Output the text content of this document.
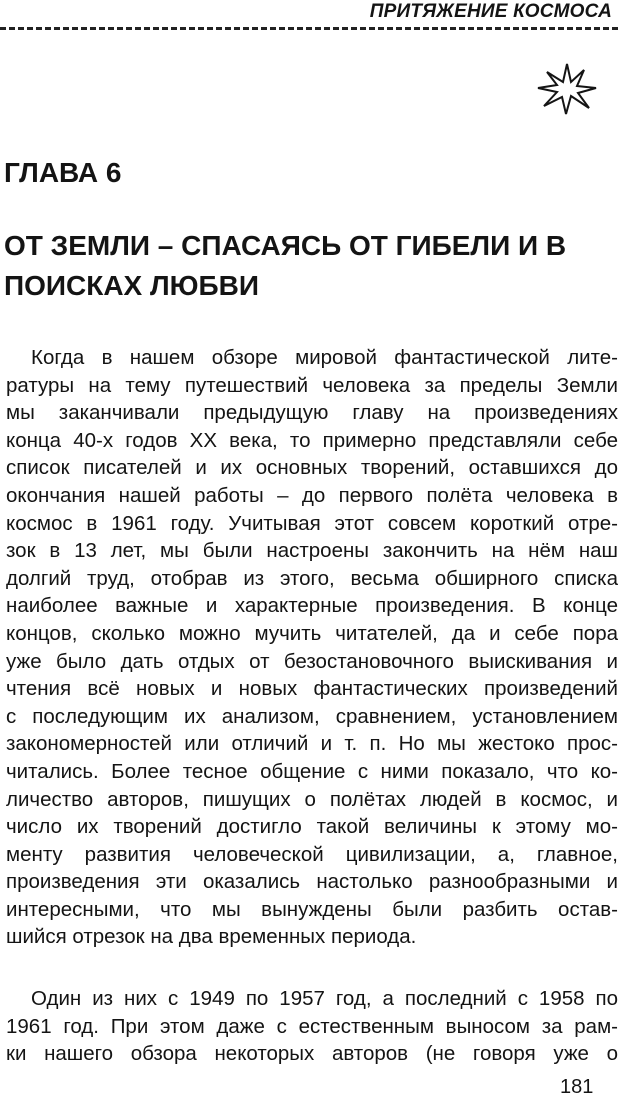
ПРИТЯЖЕНИЕ КОСМОСА
ГЛАВА 6
ОТ ЗЕМЛИ – СПАСАЯСЬ ОТ ГИБЕЛИ И В ПОИСКАХ ЛЮБВИ
Когда в нашем обзоре мировой фантастической лите-
ратуры на тему путешествий человека за пределы Земли
мы заканчивали предыдущую главу на произведениях
конца 40-х годов XX века, то примерно представляли себе
список писателей и их основных творений, оставшихся до
окончания нашей работы – до первого полёта человека в
космос в 1961 году. Учитывая этот совсем короткий отре-
зок в 13 лет, мы были настроены закончить на нём наш
долгий труд, отобрав из этого, весьма обширного списка
наиболее важные и характерные произведения. В конце
концов, сколько можно мучить читателей, да и себе пора
уже было дать отдых от безостановочного выискивания и
чтения всё новых и новых фантастических произведений
с последующим их анализом, сравнением, установлением
закономерностей или отличий и т. п. Но мы жестоко прос-
читались. Более тесное общение с ними показало, что ко-
личество авторов, пишущих о полётах людей в космос, и
число их творений достигло такой величины к этому мо-
менту развития человеческой цивилизации, а, главное,
произведения эти оказались настолько разнообразными и
интересными, что мы вынуждены были разбить остав-
шийся отрезок на два временных периода.
Один из них с 1949 по 1957 год, а последний с 1958 по
1961 год. При этом даже с естественным выносом за рам-
ки нашего обзора некоторых авторов (не говоря уже о
181
